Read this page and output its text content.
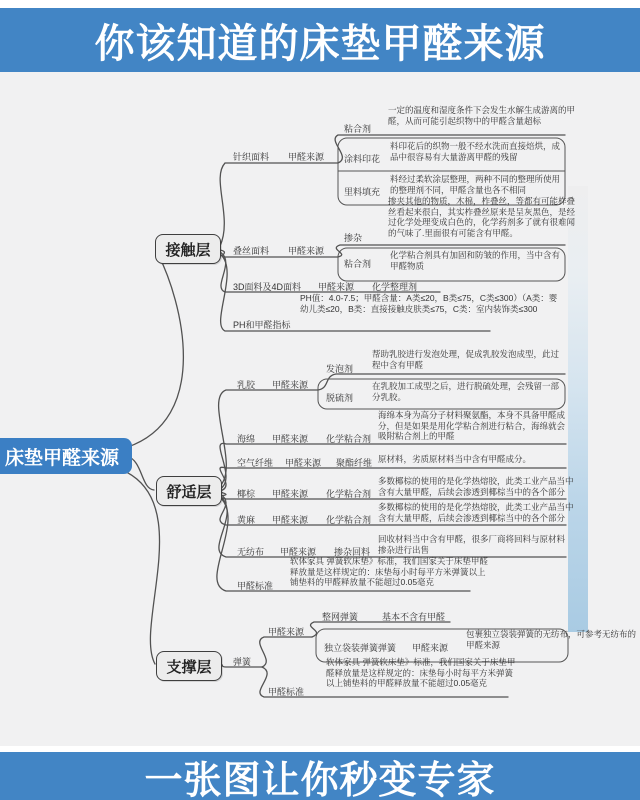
你该知道的床垫甲醛来源
床垫甲醛来源
接触层
舒适层
支撑层
针织面料 甲醛来源
粘合剂
一定的温度和湿度条件下会发生水解生成游离的甲醛，从而可能引起织物中的甲醛含量超标
涂料印花
料印花后的织物一般不经水洗而直接焙烘，成品中很容易有大量游离甲醛的残留
里料填充
料经过柔软涂层整理，两种不同的整理所使用的整理剂不同，甲醛含量也各不相同
叠丝面料 甲醛来源
掺杂
掺夹其他的物质，木棉，柞叠丝，等都有可能柞叠丝看起来很白，其实柞叠丝原来是呈灰黑色，是经过化学处理变成白色的，化学药剂多了就有很难闻的气味了.里面很有可能含有甲醛。
粘合剂
化学粘合剂具有加固和防皱的作用，当中含有甲醛物质
3D面料及4D面料 甲醛来源 化学整理剂
PH和甲醛指标
PH值：4.0-7.5；甲醛含量：A类≤20，B类≤75，C类≤300）（A类：婴幼儿类≤20，B类：直接接触皮肤类≤75，C类：室内装饰类≤300
乳胶 甲醛来源
发泡剂
帮助乳胶进行发泡处理，促成乳胶发泡成型，此过程中含有甲醛
脱硫剂
在乳胶加工成型之后，进行脱硫处理，会残留一部分乳胶。
海绵 甲醛来源 化学粘合剂
海绵本身为高分子材料聚氨酯，本身不具备甲醛成分，但是如果是用化学粘合剂进行粘合，海绵就会吸附粘合剂上的甲醛
空气纤维 甲醛来源 聚酯纤维 原材料，劣质原材料当中含有甲醛成分。
椰棕 甲醛来源 化学粘合剂
多数椰棕的使用的是化学热熔胶，此类工业产品当中含有大量甲醛，后续会渗透到椰棕当中的各个部分
黄麻 甲醛来源 化学粘合剂
多数椰棕的使用的是化学热熔胶，此类工业产品当中含有大量甲醛，后续会渗透到椰棕当中的各个部分
无纺布 甲醛来源 掺杂回料
回收材料当中含有甲醛，很多厂商将回料与原材料掺杂进行出售
甲醛标准
软体家具 弹簧软床垫》标准，我们国家关于床垫甲醛释放量是这样规定的：床垫每小时每平方米弹簧以上铺垫料的甲醛释放量不能超过0.05毫克
弹簧
甲醛来源
整网弹簧	基本不含有甲醛
独立袋装弹簧弹簧 甲醛来源
包裹独立袋装弹簧的无纺布，可参考无纺布的甲醛来源
甲醛标准
软体家具 弹簧软床垫》标准，我们国家关于床垫甲醛释放量是这样规定的：床垫每小时每平方米弹簧以上铺垫料的甲醛释放量不能超过0.05毫克
一张图让你秒变专家
